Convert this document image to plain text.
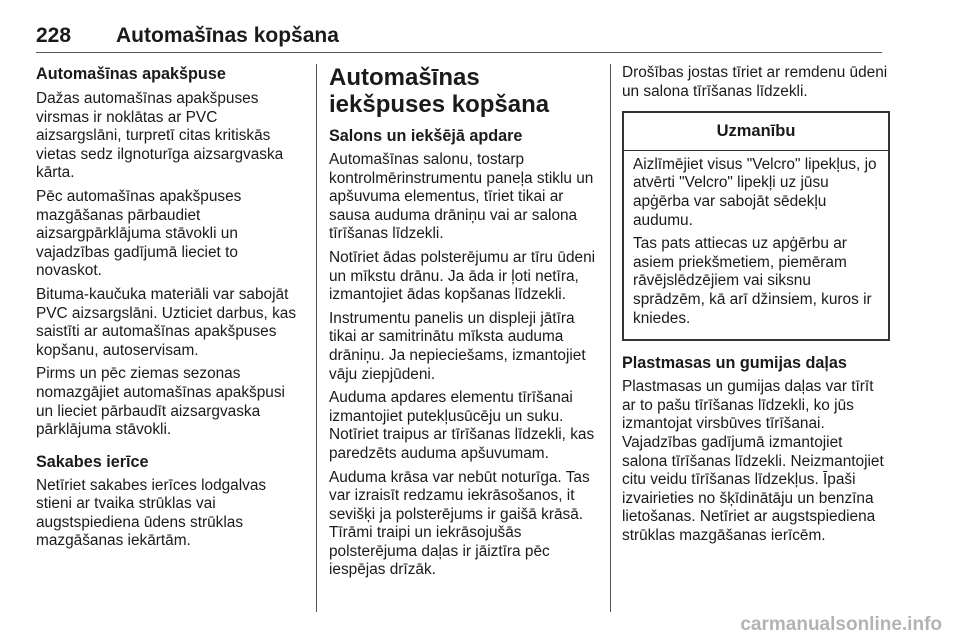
228 Automašīnas kopšana
Automašīnas apakšpuse

Dažas automašīnas apakšpuses virsmas ir noklātas ar PVC aizsargslāni, turpretī citas kritiskās vietas sedz ilgnoturīga aizsargvaska kārta.

Pēc automašīnas apakšpuses mazgāšanas pārbaudiet aizsargpārklājuma stāvokli un vajadzības gadījumā lieciet to novaskot.

Bituma-kaučuka materiāli var sabojāt PVC aizsargslāni. Uzticiet darbus, kas saistīti ar automašīnas apakšpuses kopšanu, autoservisam.

Pirms un pēc ziemas sezonas nomazgājiet automašīnas apakšpusi un lieciet pārbaudīt aizsargvaska pārklājuma stāvokli.

Sakabes ierīce

Netīriet sakabes ierīces lodgalvas stieni ar tvaika strūklas vai augstspiediena ūdens strūklas mazgāšanas iekārtām.

Automašīnas iekšpuses kopšana
Salons un iekšējā apdare

Automašīnas salonu, tostarp kontrolmērinstrumentu paneļa stiklu un apšuvuma elementus, tīriet tikai ar sausa auduma drāniņu vai ar salona tīrīšanas līdzekli.

Notīriet ādas polsterējumu ar tīru ūdeni un mīkstu drānu. Ja āda ir ļoti netīra, izmantojiet ādas kopšanas līdzekli.

Instrumentu panelis un displeji jātīra tikai ar samitrinātu mīksta auduma drāniņu. Ja nepieciešams, izmantojiet vāju ziepjūdeni.

Auduma apdares elementu tīrīšanai izmantojiet putekļusūcēju un suku. Notīriet traipus ar tīrīšanas līdzekli, kas paredzēts auduma apšuvumam.

Auduma krāsa var nebūt noturīga. Tas var izraisīt redzamu iekrāsošanos, it sevišķi ja polsterējums ir gaišā krāsā. Tīrāmi traipi un iekrāsojušās polsterējuma daļas ir jāiztīra pēc iespējas drīzāk.

Drošības jostas tīriet ar remdenu ūdeni un salona tīrīšanas līdzekli.

Uzmanību

Aizlīmējiet visus "Velcro" lipekļus, jo atvērti "Velcro" lipekļi uz jūsu apģērba var sabojāt sēdekļu audumu.

Tas pats attiecas uz apģērbu ar asiem priekšmetiem, piemēram rāvējslēdzējiem vai siksnu sprādzēm, kā arī džinsiem, kuros ir kniedes.

Plastmasas un gumijas daļas

Plastmasas un gumijas daļas var tīrīt ar to pašu tīrīšanas līdzekli, ko jūs izmantojat virsbūves tīrīšanai. Vajadzības gadījumā izmantojiet salona tīrīšanas līdzekli. Neizmantojiet citu veidu tīrīšanas līdzekļus. Īpaši izvairieties no šķīdinātāju un benzīna lietošanas. Netīriet ar augstspiediena strūklas mazgāšanas ierīcēm.

carmanualsonline.info
